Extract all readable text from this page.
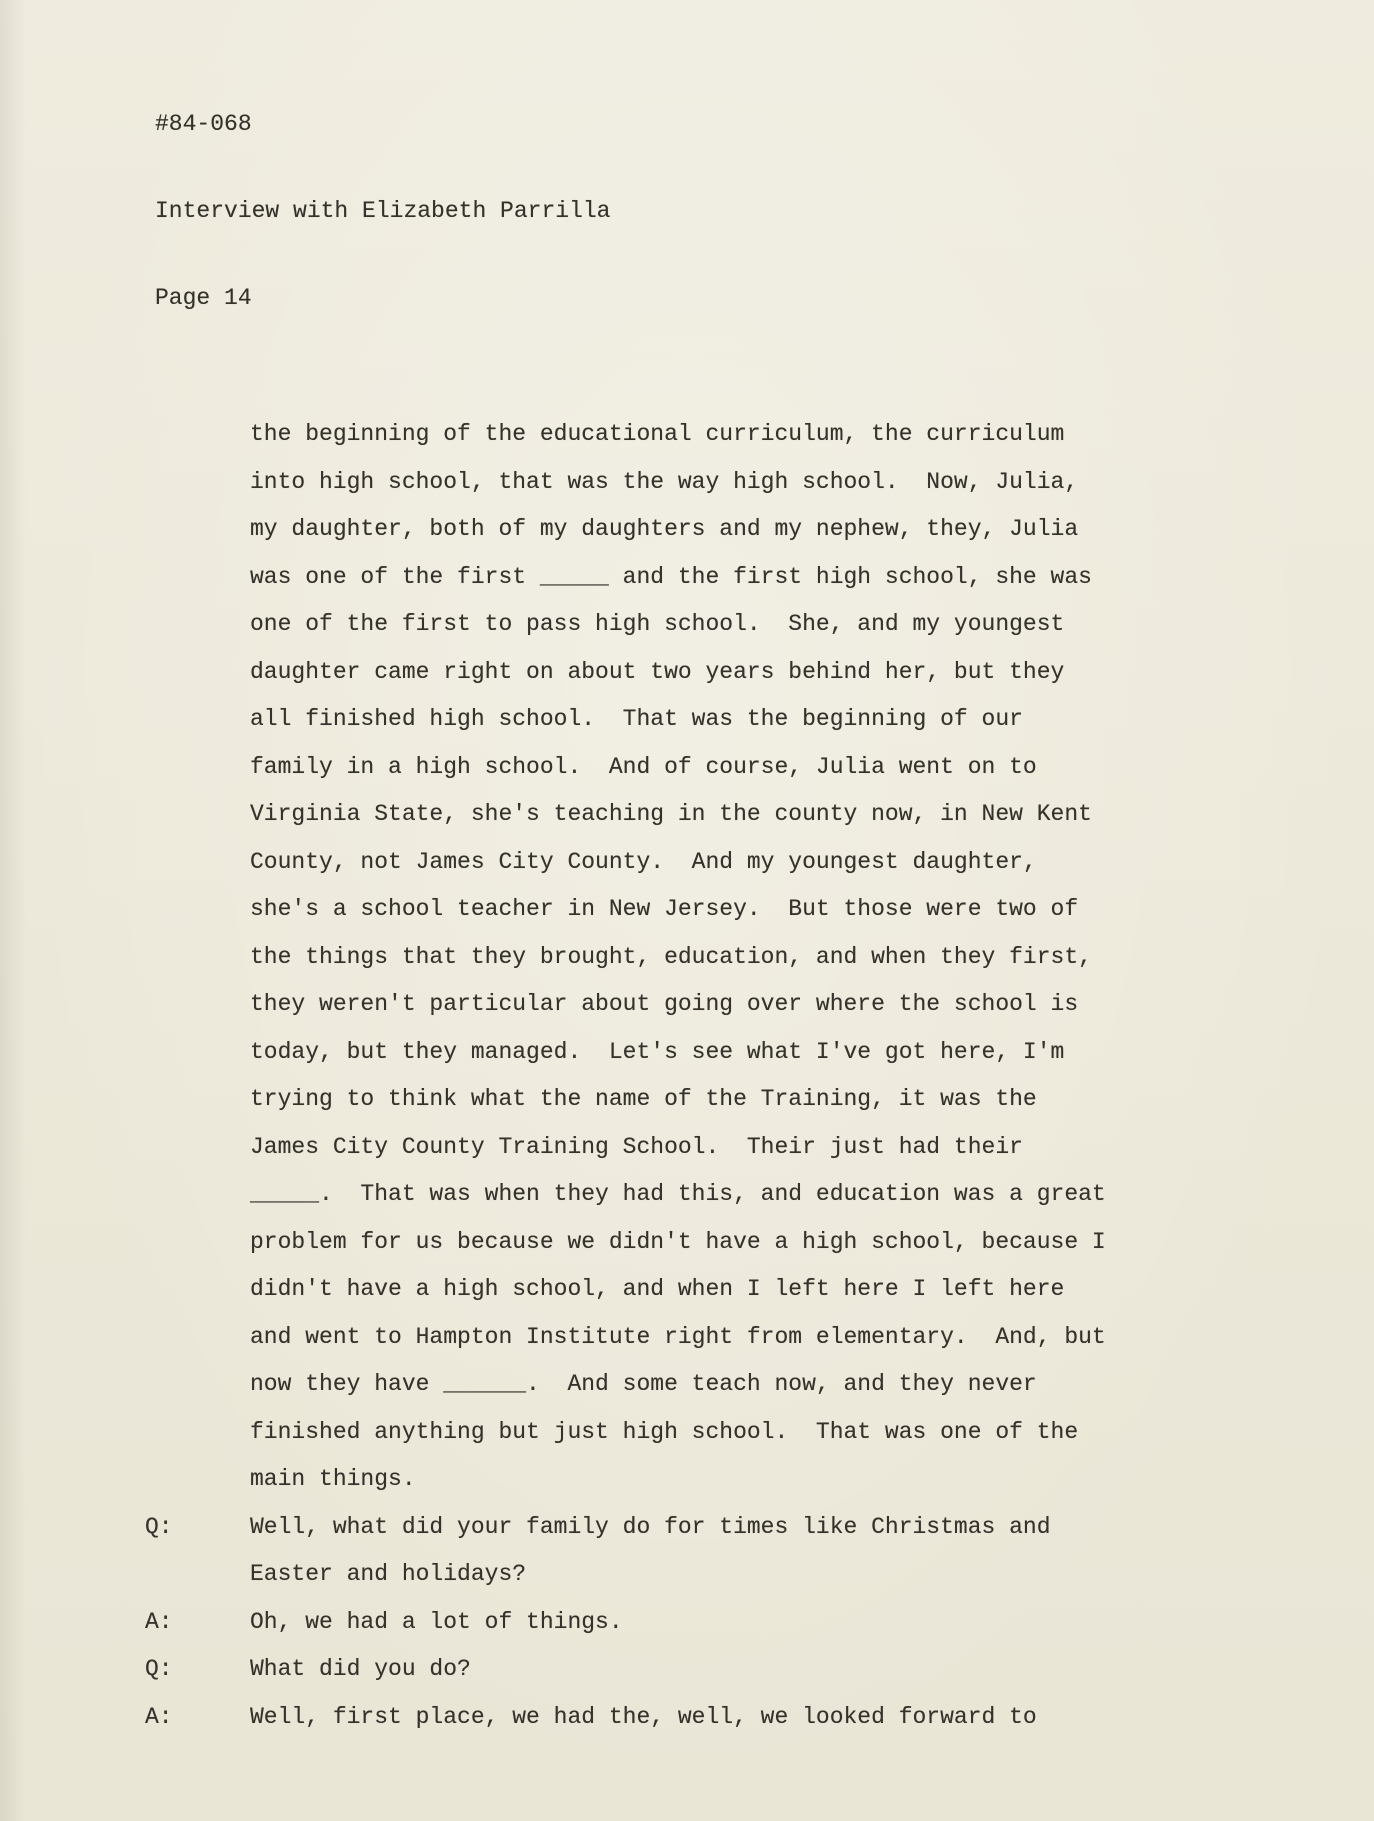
#84-068

Interview with Elizabeth Parrilla

Page 14

the beginning of the educational curriculum, the curriculum into high school, that was the way high school.  Now, Julia, my daughter, both of my daughters and my nephew, they, Julia was one of the first _____ and the first high school, she was one of the first to pass high school.  She, and my youngest daughter came right on about two years behind her, but they all finished high school.  That was the beginning of our family in a high school.  And of course, Julia went on to Virginia State, she's teaching in the county now, in New Kent County, not James City County.  And my youngest daughter, she's a school teacher in New Jersey.  But those were two of the things that they brought, education, and when they first, they weren't particular about going over where the school is today, but they managed.  Let's see what I've got here, I'm trying to think what the name of the Training, it was the James City County Training School.  Their just had their _____.  That was when they had this, and education was a great problem for us because we didn't have a high school, because I didn't have a high school, and when I left here I left here and went to Hampton Institute right from elementary.  And, but now they have ______.  And some teach now, and they never finished anything but just high school.  That was one of the main things.
Q:	Well, what did your family do for times like Christmas and Easter and holidays?
A:	Oh, we had a lot of things.
Q:	What did you do?
A:	Well, first place, we had the, well, we looked forward to
